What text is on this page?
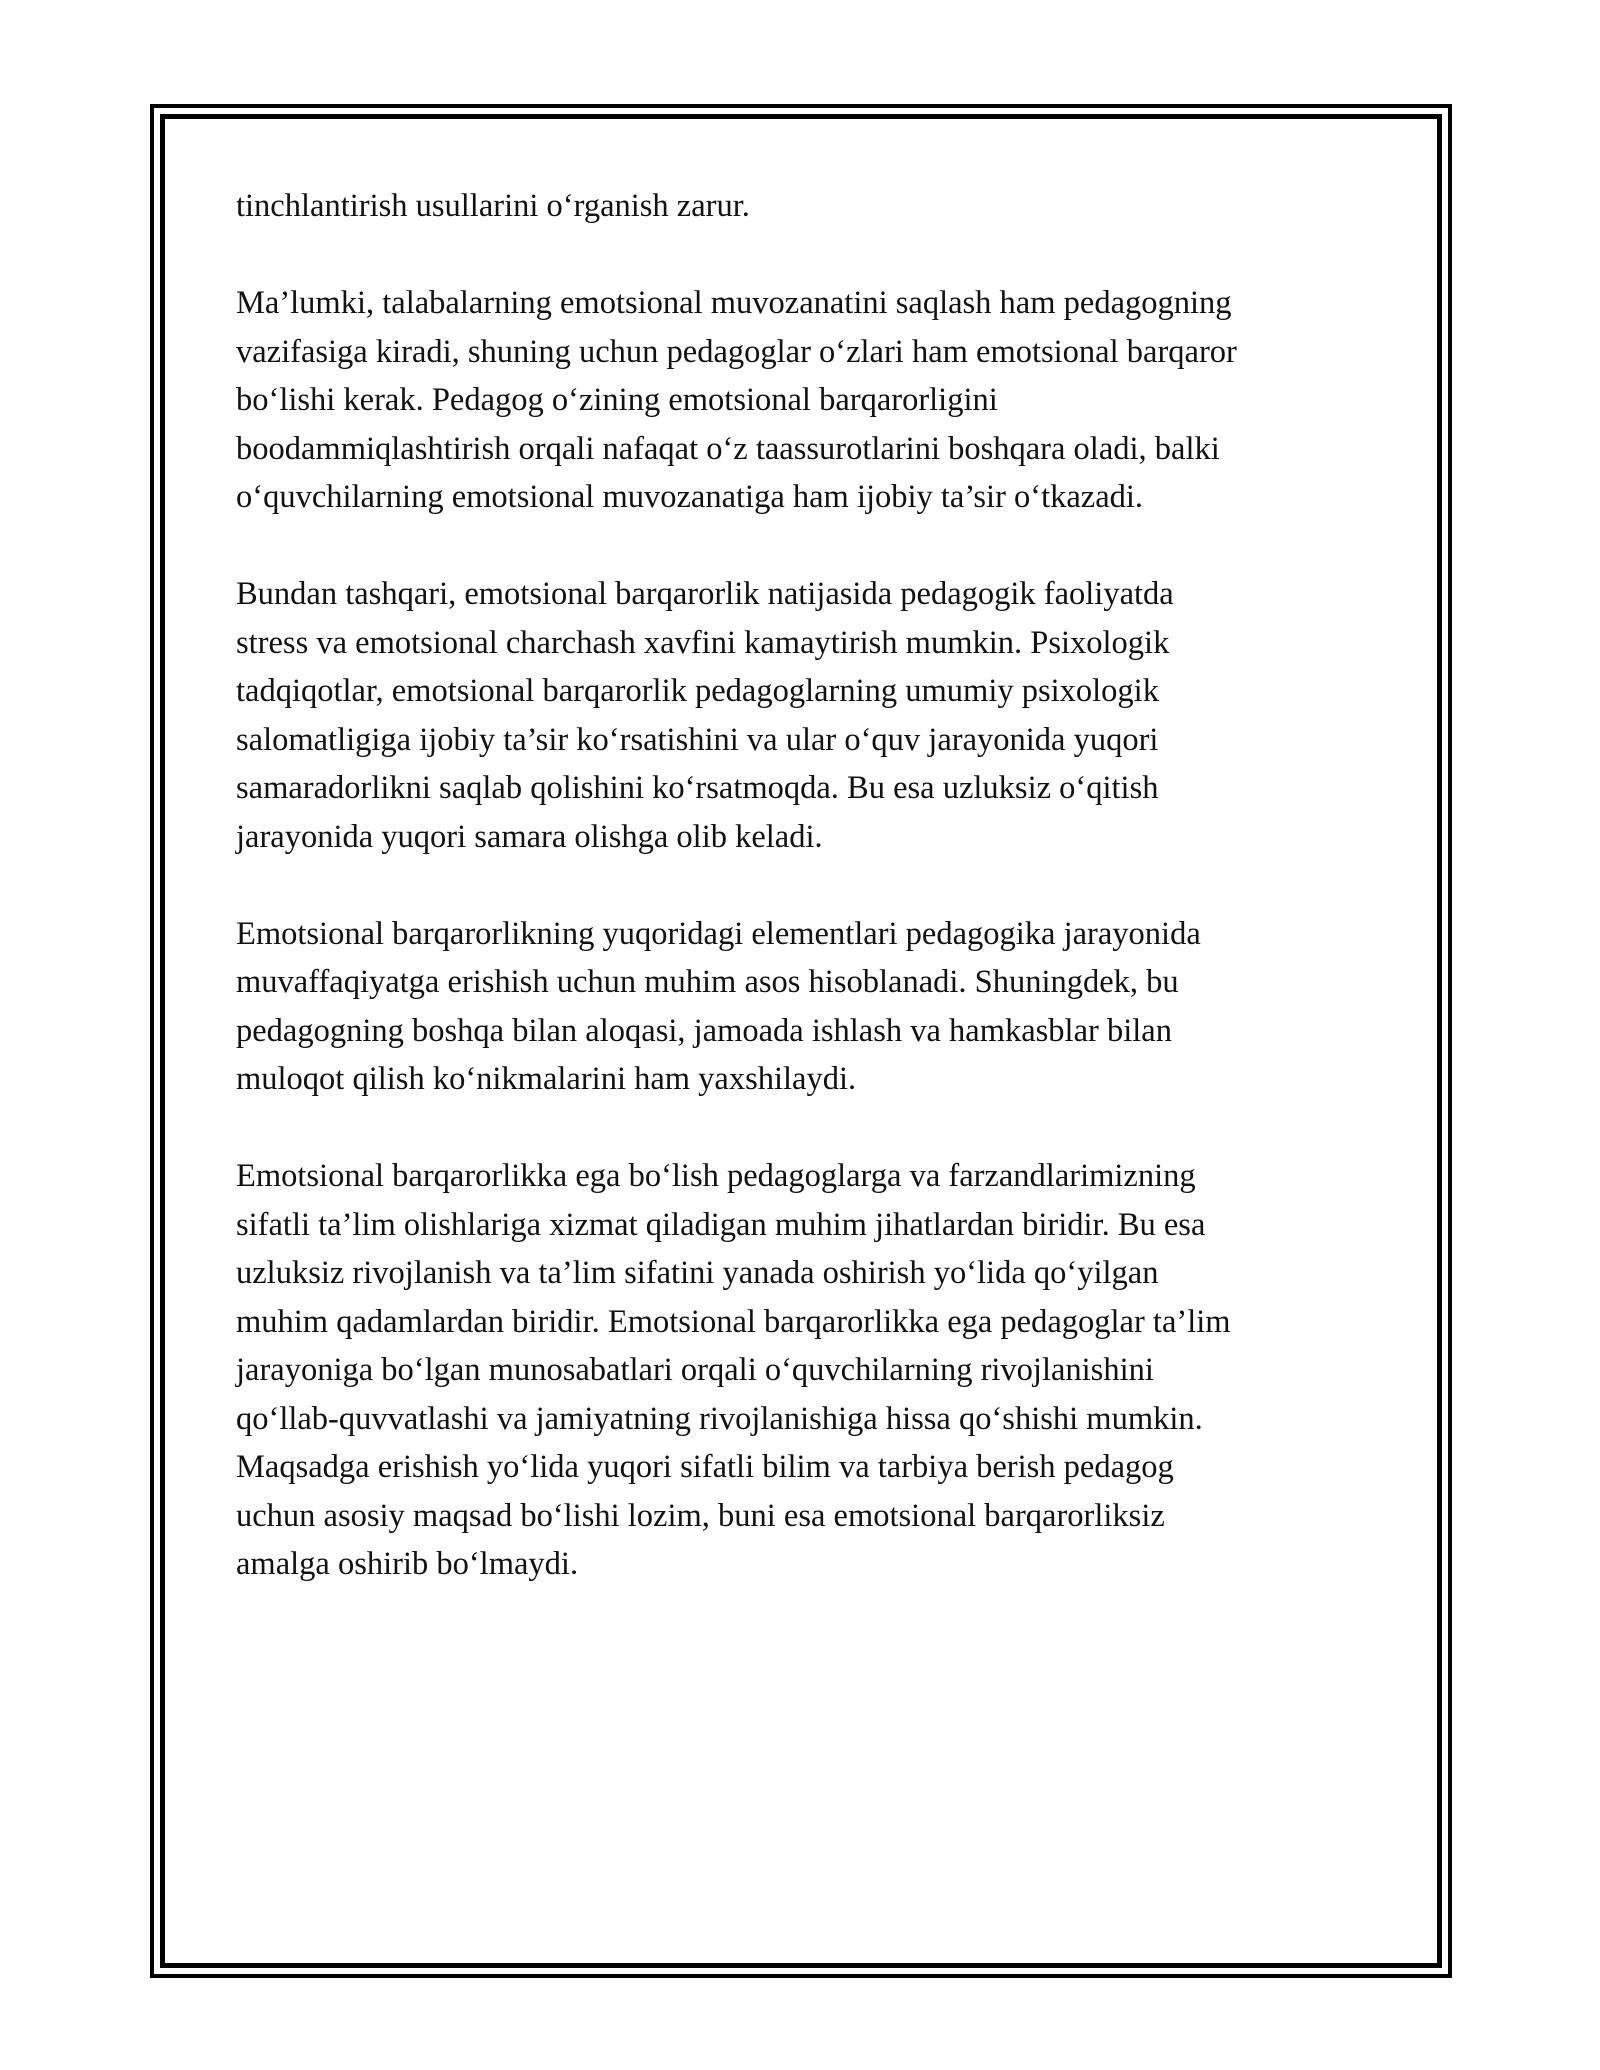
tinchlantirish usullarini o‘rganish zarur.

Ma’lumki, talabalarning emotsional muvozanatini saqlash ham pedagogning
vazifasiga kiradi, shuning uchun pedagoglar o‘zlari ham emotsional barqaror
bo‘lishi kerak. Pedagog o‘zining emotsional barqarorligini
boodammiqlashtirish orqali nafaqat o‘z taassurotlarini boshqara oladi, balki
o‘quvchilarning emotsional muvozanatiga ham ijobiy ta’sir o‘tkazadi.

Bundan tashqari, emotsional barqarorlik natijasida pedagogik faoliyatda
stress va emotsional charchash xavfini kamaytirish mumkin. Psixologik
tadqiqotlar, emotsional barqarorlik pedagoglarning umumiy psixologik
salomatligiga ijobiy ta’sir ko‘rsatishini va ular o‘quv jarayonida yuqori
samaradorlikni saqlab qolishini ko‘rsatmoqda. Bu esa uzluksiz o‘qitish
jarayonida yuqori samara olishga olib keladi.

Emotsional barqarorlikning yuqoridagi elementlari pedagogika jarayonida
muvaffaqiyatga erishish uchun muhim asos hisoblanadi. Shuningdek, bu
pedagogning boshqa bilan aloqasi, jamoada ishlash va hamkasblar bilan
muloqot qilish ko‘nikmalarini ham yaxshilaydi.

Emotsional barqarorlikka ega bo‘lish pedagoglarga va farzandlarimizning
sifatli ta’lim olishlariga xizmat qiladigan muhim jihatlardan biridir. Bu esa
uzluksiz rivojlanish va ta’lim sifatini yanada oshirish yo‘lida qo‘yilgan
muhim qadamlardan biridir. Emotsional barqarorlikka ega pedagoglar ta’lim
jarayoniga bo‘lgan munosabatlari orqali o‘quvchilarning rivojlanishini
qo‘llab-quvvatlashi va jamiyatning rivojlanishiga hissa qo‘shishi mumkin.
Maqsadga erishish yo‘lida yuqori sifatli bilim va tarbiya berish pedagog
uchun asosiy maqsad bo‘lishi lozim, buni esa emotsional barqarorliksiz
amalga oshirib bo‘lmaydi.
